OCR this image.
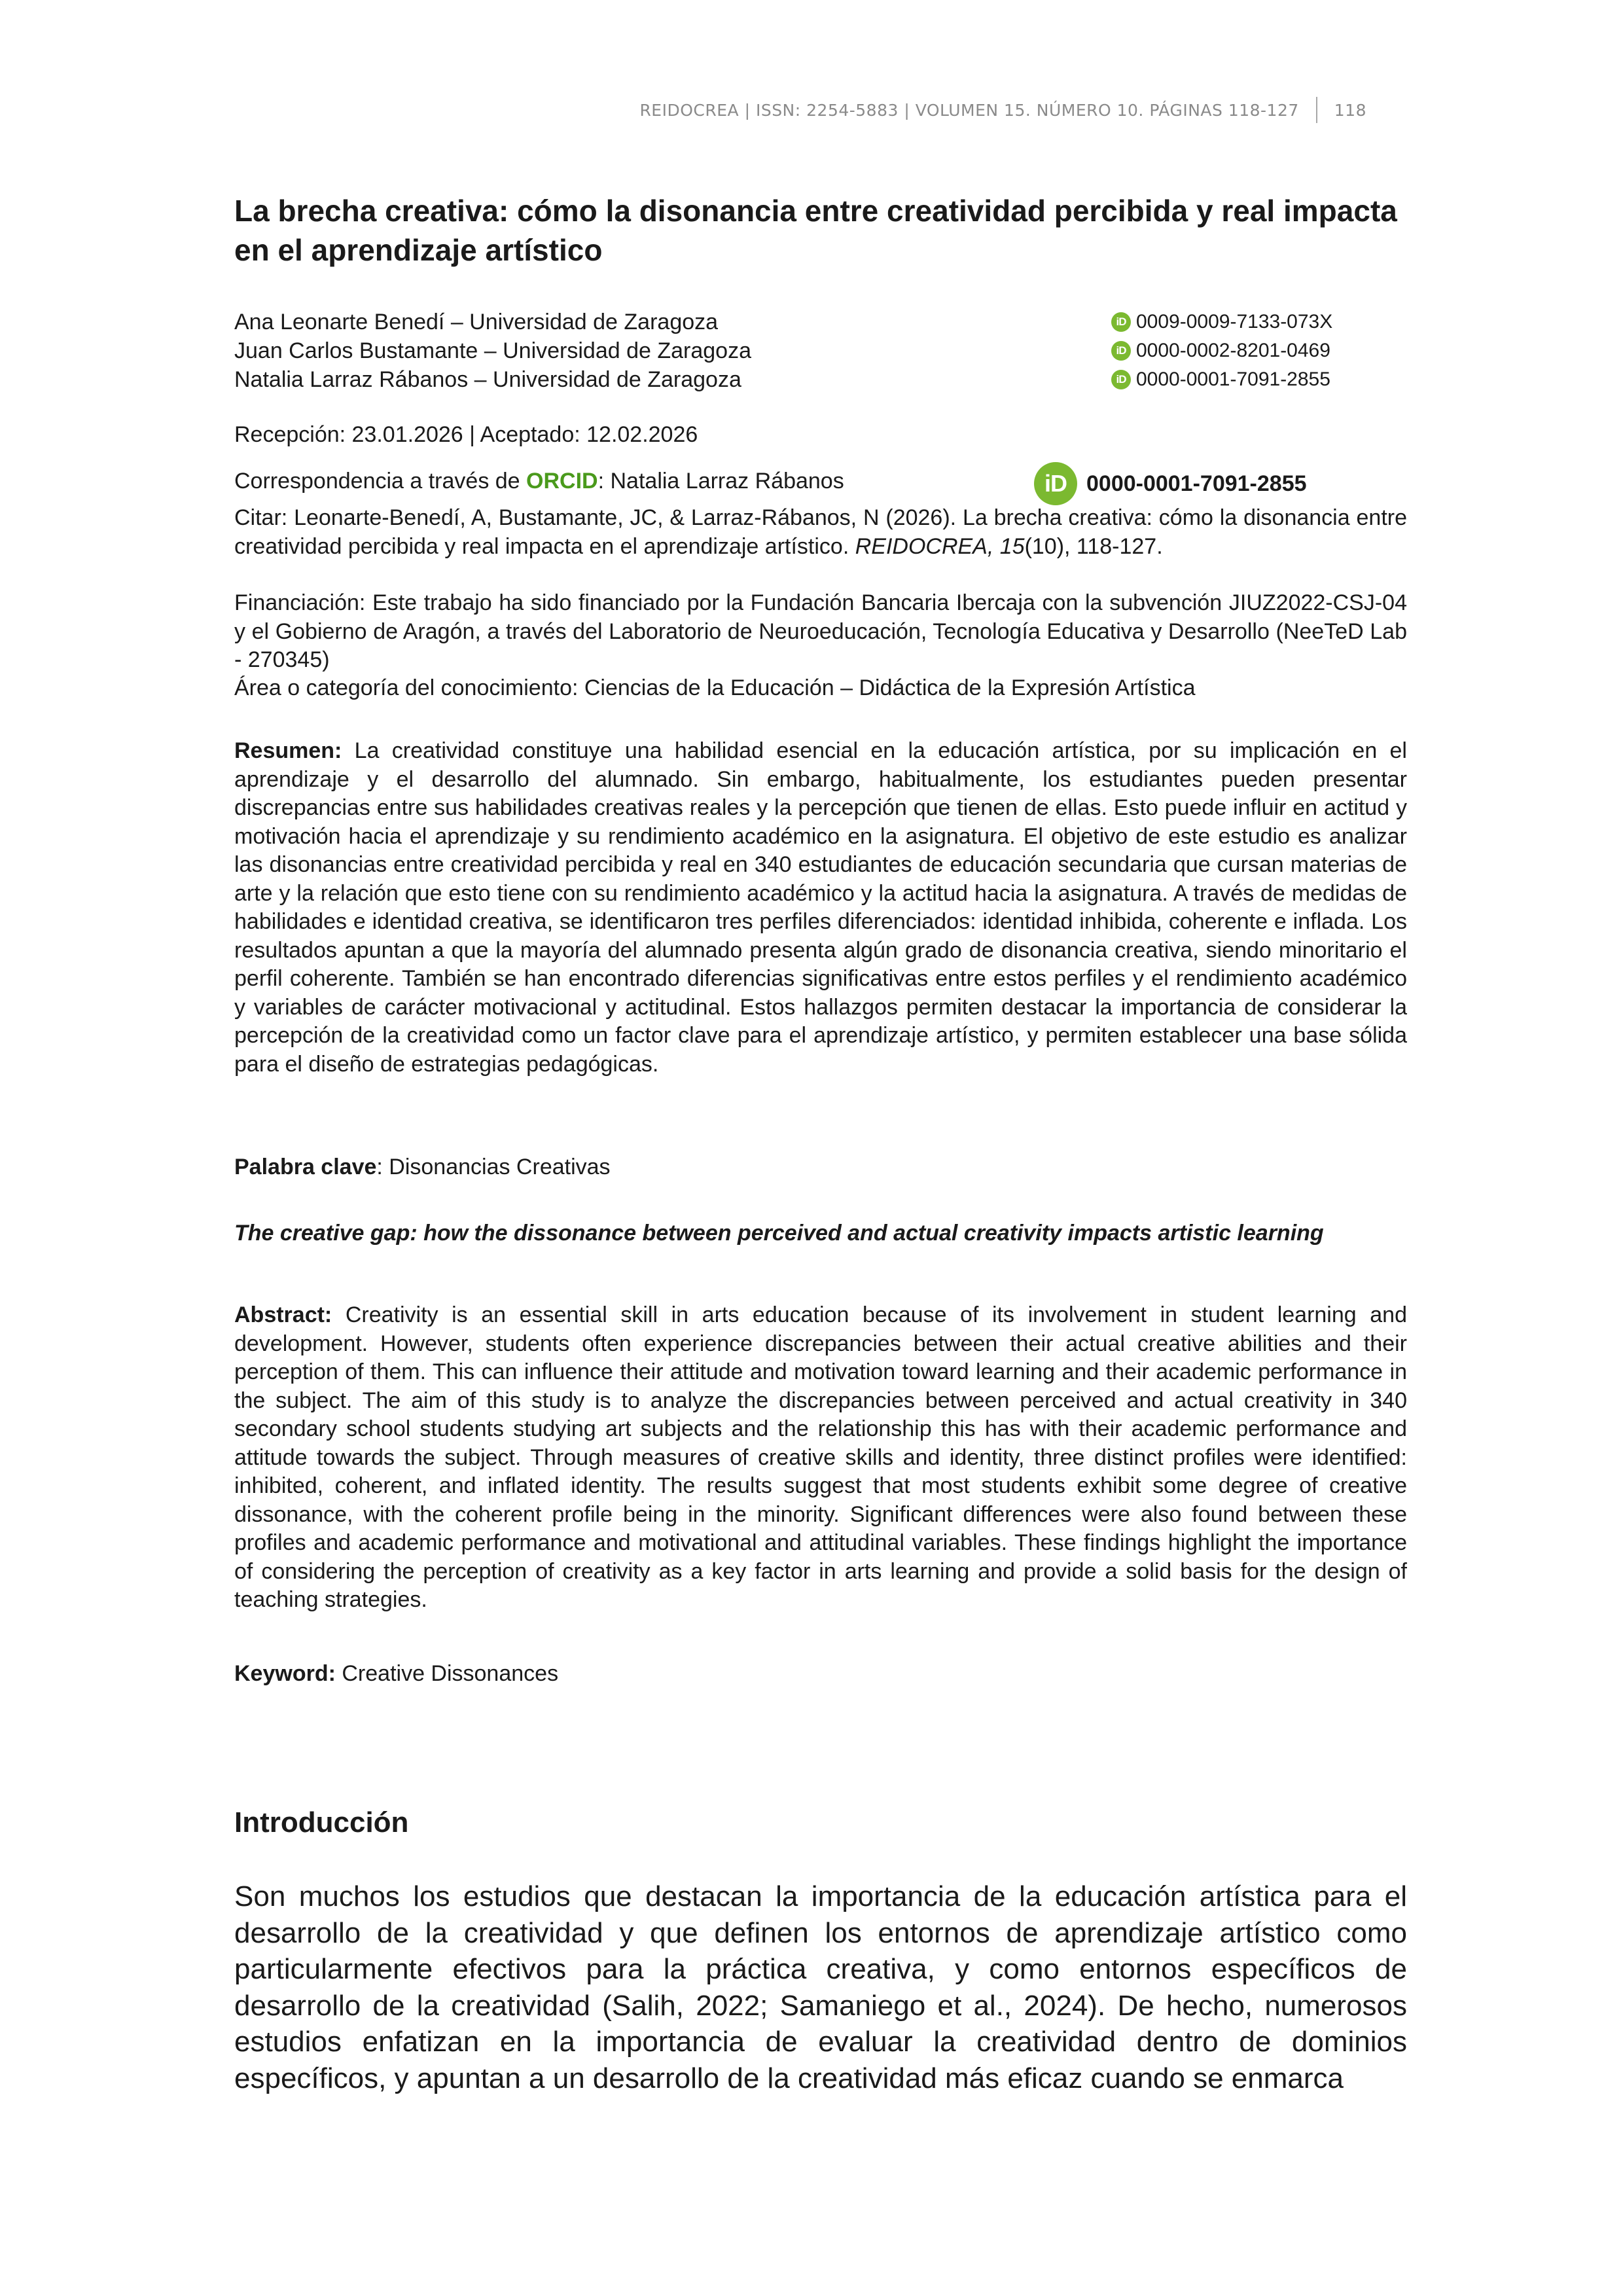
REIDOCREA | ISSN: 2254-5883 | VOLUMEN 15. NÚMERO 10. PÁGINAS 118-127 118
La brecha creativa: cómo la disonancia entre creatividad percibida y real impacta en el aprendizaje artístico
Ana Leonarte Benedí – Universidad de Zaragoza	iD 0009-0009-7133-073X
Juan Carlos Bustamante – Universidad de Zaragoza	iD 0000-0002-8201-0469
Natalia Larraz Rábanos – Universidad de Zaragoza	iD 0000-0001-7091-2855
Recepción: 23.01.2026 | Aceptado: 12.02.2026
Correspondencia a través de ORCID: Natalia Larraz Rábanos	iD 0000-0001-7091-2855
Citar: Leonarte-Benedí, A, Bustamante, JC, & Larraz-Rábanos, N (2026). La brecha creativa: cómo la disonancia entre creatividad percibida y real impacta en el aprendizaje artístico. REIDOCREA, 15(10), 118-127.
Financiación: Este trabajo ha sido financiado por la Fundación Bancaria Ibercaja con la subvención JIUZ2022-CSJ-04 y el Gobierno de Aragón, a través del Laboratorio de Neuroeducación, Tecnología Educativa y Desarrollo (NeeTeD Lab - 270345)
Área o categoría del conocimiento: Ciencias de la Educación – Didáctica de la Expresión Artística
Resumen: La creatividad constituye una habilidad esencial en la educación artística, por su implicación en el aprendizaje y el desarrollo del alumnado. Sin embargo, habitualmente, los estudiantes pueden presentar discrepancias entre sus habilidades creativas reales y la percepción que tienen de ellas. Esto puede influir en actitud y motivación hacia el aprendizaje y su rendimiento académico en la asignatura. El objetivo de este estudio es analizar las disonancias entre creatividad percibida y real en 340 estudiantes de educación secundaria que cursan materias de arte y la relación que esto tiene con su rendimiento académico y la actitud hacia la asignatura. A través de medidas de habilidades e identidad creativa, se identificaron tres perfiles diferenciados: identidad inhibida, coherente e inflada. Los resultados apuntan a que la mayoría del alumnado presenta algún grado de disonancia creativa, siendo minoritario el perfil coherente. También se han encontrado diferencias significativas entre estos perfiles y el rendimiento académico y variables de carácter motivacional y actitudinal. Estos hallazgos permiten destacar la importancia de considerar la percepción de la creatividad como un factor clave para el aprendizaje artístico, y permiten establecer una base sólida para el diseño de estrategias pedagógicas.
Palabra clave: Disonancias Creativas
The creative gap: how the dissonance between perceived and actual creativity impacts artistic learning
Abstract: Creativity is an essential skill in arts education because of its involvement in student learning and development. However, students often experience discrepancies between their actual creative abilities and their perception of them. This can influence their attitude and motivation toward learning and their academic performance in the subject. The aim of this study is to analyze the discrepancies between perceived and actual creativity in 340 secondary school students studying art subjects and the relationship this has with their academic performance and attitude towards the subject. Through measures of creative skills and identity, three distinct profiles were identified: inhibited, coherent, and inflated identity. The results suggest that most students exhibit some degree of creative dissonance, with the coherent profile being in the minority. Significant differences were also found between these profiles and academic performance and motivational and attitudinal variables. These findings highlight the importance of considering the perception of creativity as a key factor in arts learning and provide a solid basis for the design of teaching strategies.
Keyword: Creative Dissonances
Introducción
Son muchos los estudios que destacan la importancia de la educación artística para el desarrollo de la creatividad y que definen los entornos de aprendizaje artístico como particularmente efectivos para la práctica creativa, y como entornos específicos de desarrollo de la creatividad (Salih, 2022; Samaniego et al., 2024). De hecho, numerosos estudios enfatizan en la importancia de evaluar la creatividad dentro de dominios específicos, y apuntan a un desarrollo de la creatividad más eficaz cuando se enmarca
